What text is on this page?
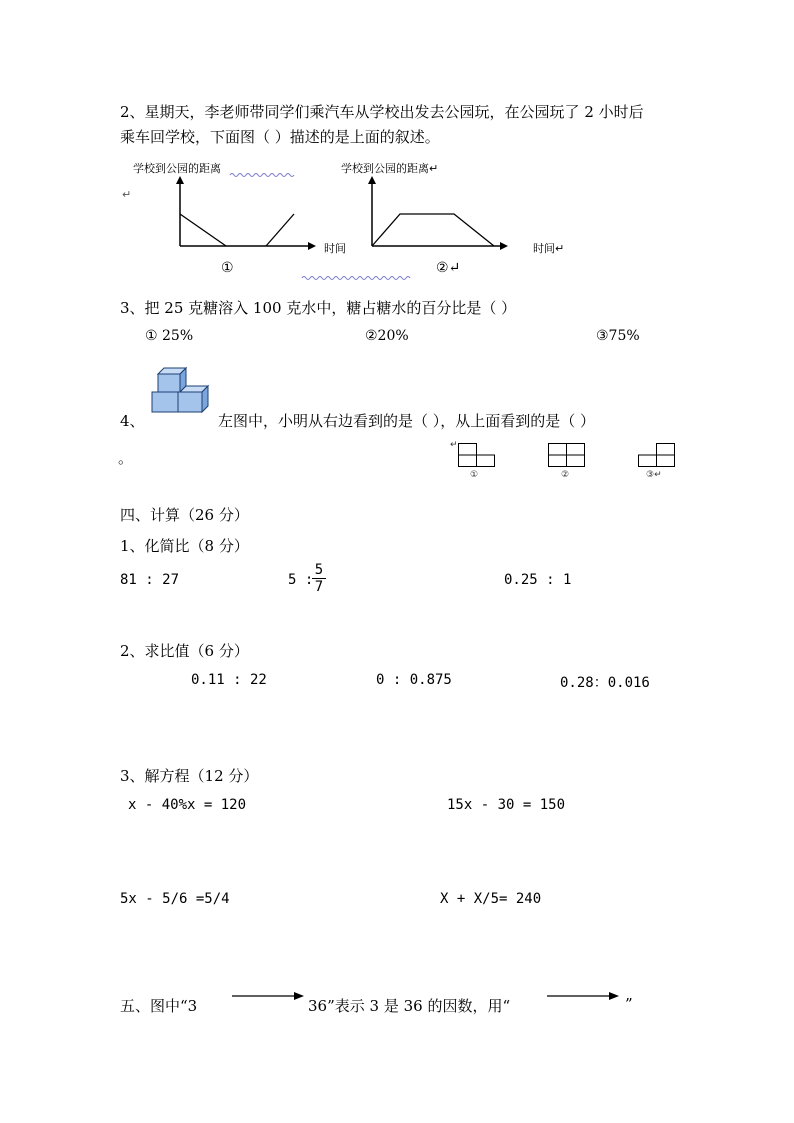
2、星期天，李老师带同学们乘汽车从学校出发去公园玩，在公园玩了 2 小时后
乘车回学校，下面图（ ）描述的是上面的叙述。
学校到公园的距离
↵
时间
①
学校到公园的距离↵
时间↵
②↵
3、把 25 克糖溶入 100 克水中，糖占糖水的百分比是（ ）
① 25%	②20%	③75%
4、	左图中，小明从右边看到的是（ ），从上面看到的是（ ）
。
↵
①	②	③↵
四、计算（26 分）
1、化简比（8 分）
81 : 27	5 :
$\frac{5}{7}$	0.25 : 1
2、求比值（6 分）
0.11 : 22	0 : 0.875	0.28：0.016
3、解方程（12 分）
x - 40%x = 120	15x - 30 = 150
5x - 5/6 =5/4	X + X/5= 240
五、图中“3	36”表示 3 是 36 的因数，用“	”
